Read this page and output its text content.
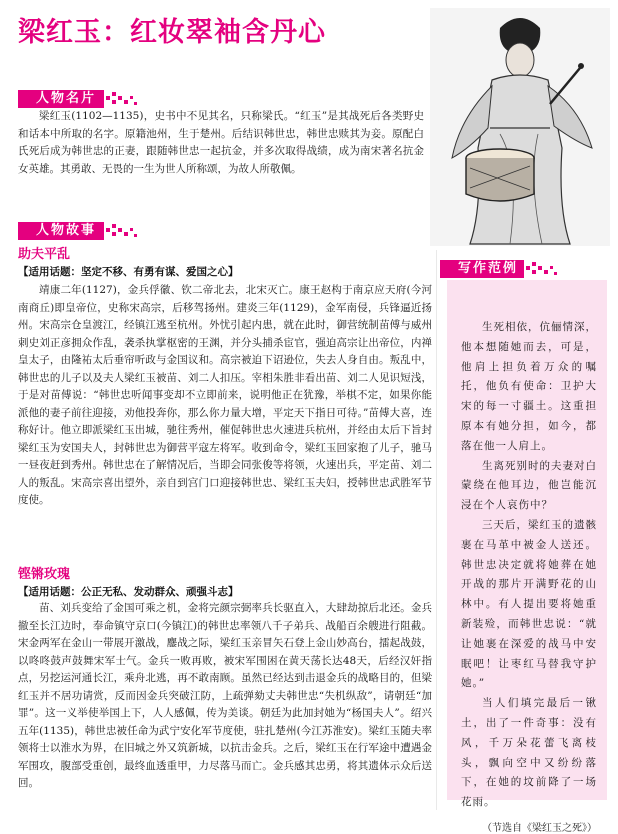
梁红玉：红妆翠袖含丹心
人物名片

梁红玉(1102—1135)，史书中不见其名，只称梁氏。“红玉”是其战死后各类野史和话本中所取的名字。原籍池州，生于楚州。后结识韩世忠，韩世忠赎其为妾。原配白氏死后成为韩世忠的正妻，跟随韩世忠一起抗金，并多次取得战绩，成为南宋著名抗金女英雄。其勇敢、无畏的一生为世人所称颂，为故人所敬佩。

人物故事
助夫平乱
【适用话题：坚定不移、有勇有谋、爱国之心】

靖康二年(1127)，金兵俘徽、钦二帝北去，北宋灭亡。康王赵构于南京应天府(今河南商丘)即皇帝位，史称宋高宗，后移驾扬州。建炎三年(1129)，金军南侵，兵锋逼近扬州。宋高宗仓皇渡江，经镇江逃至杭州。外忧引起内患，就在此时，御营统制苗傅与威州刺史刘正彦拥众作乱，袭杀执掌枢密的王渊，并分头捕杀宦官，强迫高宗让出帝位，内禅皇太子，由隆祐太后垂帘听政与金国议和。高宗被迫下诏逊位，失去人身自由。叛乱中，韩世忠的儿子以及夫人梁红玉被苗、刘二人扣压。宰相朱胜非看出苗、刘二人见识短浅，于是对苗傅说：“韩世忠听闻事变却不立即前来，说明他正在犹豫，举棋不定，如果你能派他的妻子前往迎接，劝他投奔你，那么你力量大增，平定天下指日可待。”苗傅大喜，连称好计。他立即派梁红玉出城，驰往秀州，催促韩世忠火速进兵杭州，并经由太后下旨封梁红玉为安国夫人，封韩世忠为御营平寇左将军。收到命令，梁红玉回家抱了儿子，驰马一昼夜赶到秀州。韩世忠在了解情况后，当即会同张俊等将领，火速出兵，平定苗、刘二人的叛乱。宋高宗喜出望外，亲自到宫门口迎接韩世忠、梁红玉夫妇，授韩世忠武胜军节度使。

铿锵玫瑰
【适用话题：公正无私、发动群众、顽强斗志】

苗、刘兵变给了金国可乘之机，金将完颜宗弼率兵长驱直入，大肆劫掠后北还。金兵撤至长江边时，奉命镇守京口(今镇江)的韩世忠率领八千子弟兵、战船百余艘进行阻截。宋金两军在金山一带展开激战，鏖战之际，梁红玉亲冒矢石登上金山妙高台，擂起战鼓，以咚咚鼓声鼓舞宋军士气。金兵一败再败，被宋军围困在黄天荡长达48天，后经汉奸指点，另挖运河通长江，乘舟北逃，再不敢南顾。虽然已经达到击退金兵的战略目的，但梁红玉并不居功请赏，反而因金兵突破江防，上疏弹劾丈夫韩世忠“失机纵敌”，请朝廷“加罪”。这一义举使举国上下，人人感佩，传为美谈。朝廷为此加封她为“杨国夫人”。绍兴五年(1135)，韩世忠被任命为武宁安化军节度使，驻扎楚州(今江苏淮安)。梁红玉随夫率领将士以淮水为界，在旧城之外又筑新城，以抗击金兵。之后，梁红玉在行军途中遭遇金军围攻，腹部受重创，最终血透重甲，力尽落马而亡。金兵感其忠勇，将其遗体示众后送回。

生死相依，伉俪情深，他本想随她而去，可是，他肩上担负着万众的嘱托，他负有使命：卫护大宋的每一寸疆土。这重担原本有她分担，如今，都落在他一人肩上。

生离死别时的夫妻对白蒙绕在他耳边，他岂能沉浸在个人哀伤中？

三天后，梁红玉的遗骸裹在马革中被金人送还。韩世忠决定就将她葬在她开战的那片开满野花的山林中。有人提出要将她重新装殓，而韩世忠说：“就让她裹在深爱的战马中安眠吧！让枣红马替我守护她。”

当人们填完最后一锹土，出了一件奇事：没有风，千万朵花蕾飞离枝头，飘向空中又纷纷落下，在她的坟前降了一场花雨。

（节选自《梁红玉之死》）

写作范例
